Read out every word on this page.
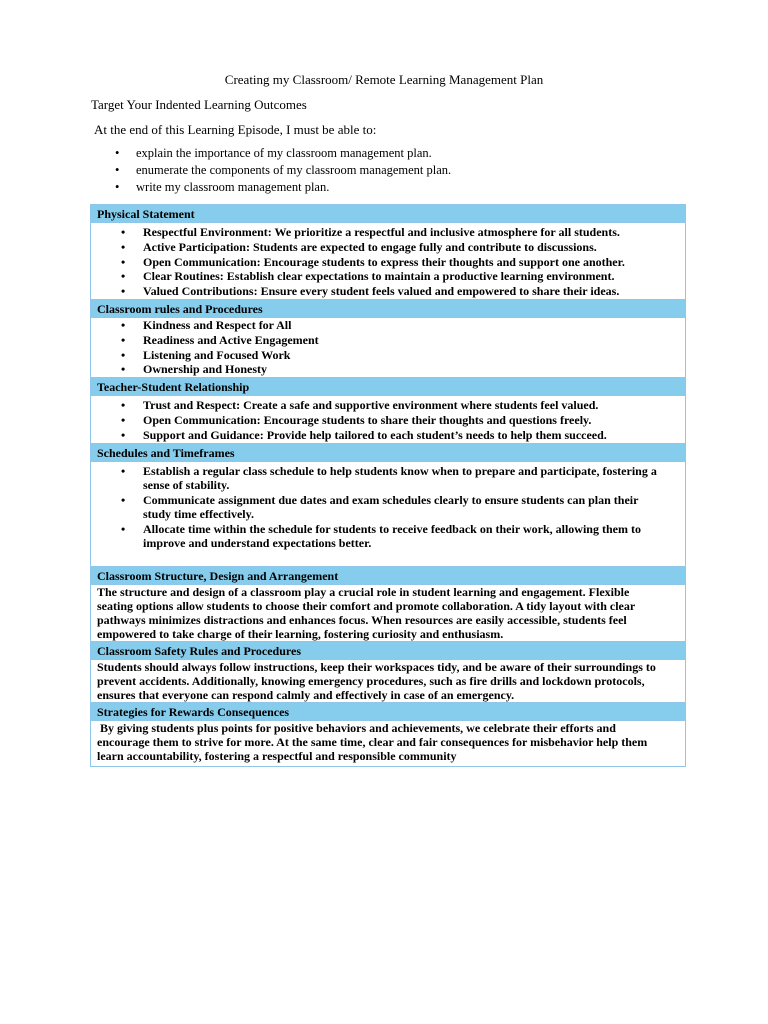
Creating my Classroom/ Remote Learning Management Plan
Target Your Indented Learning Outcomes
At the end of this Learning Episode, I must be able to:
• explain the importance of my classroom management plan.
• enumerate the components of my classroom management plan.
• write my classroom management plan.
Physical Statement

• Respectful Environment: We prioritize a respectful and inclusive atmosphere for all students.
• Active Participation: Students are expected to engage fully and contribute to discussions.
• Open Communication: Encourage students to express their thoughts and support one another.
• Clear Routines: Establish clear expectations to maintain a productive learning environment.
• Valued Contributions: Ensure every student feels valued and empowered to share their ideas.

Classroom rules and Procedures

• Kindness and Respect for All
• Readiness and Active Engagement
• Listening and Focused Work
• Ownership and Honesty

Teacher-Student Relationship

• Trust and Respect: Create a safe and supportive environment where students feel valued.
• Open Communication: Encourage students to share their thoughts and questions freely.
• Support and Guidance: Provide help tailored to each student’s needs to help them succeed.

Schedules and Timeframes

• Establish a regular class schedule to help students know when to prepare and participate, fostering a sense of stability.
• Communicate assignment due dates and exam schedules clearly to ensure students can plan their study time effectively.
• Allocate time within the schedule for students to receive feedback on their work, allowing them to improve and understand expectations better.

Classroom Structure, Design and Arrangement

The structure and design of a classroom play a crucial role in student learning and engagement. Flexible seating options allow students to choose their comfort and promote collaboration. A tidy layout with clear pathways minimizes distractions and enhances focus. When resources are easily accessible, students feel empowered to take charge of their learning, fostering curiosity and enthusiasm.

Classroom Safety Rules and Procedures

Students should always follow instructions, keep their workspaces tidy, and be aware of their surroundings to prevent accidents. Additionally, knowing emergency procedures, such as fire drills and lockdown protocols, ensures that everyone can respond calmly and effectively in case of an emergency.

Strategies for Rewards Consequences

By giving students plus points for positive behaviors and achievements, we celebrate their efforts and encourage them to strive for more. At the same time, clear and fair consequences for misbehavior help them learn accountability, fostering a respectful and responsible community
